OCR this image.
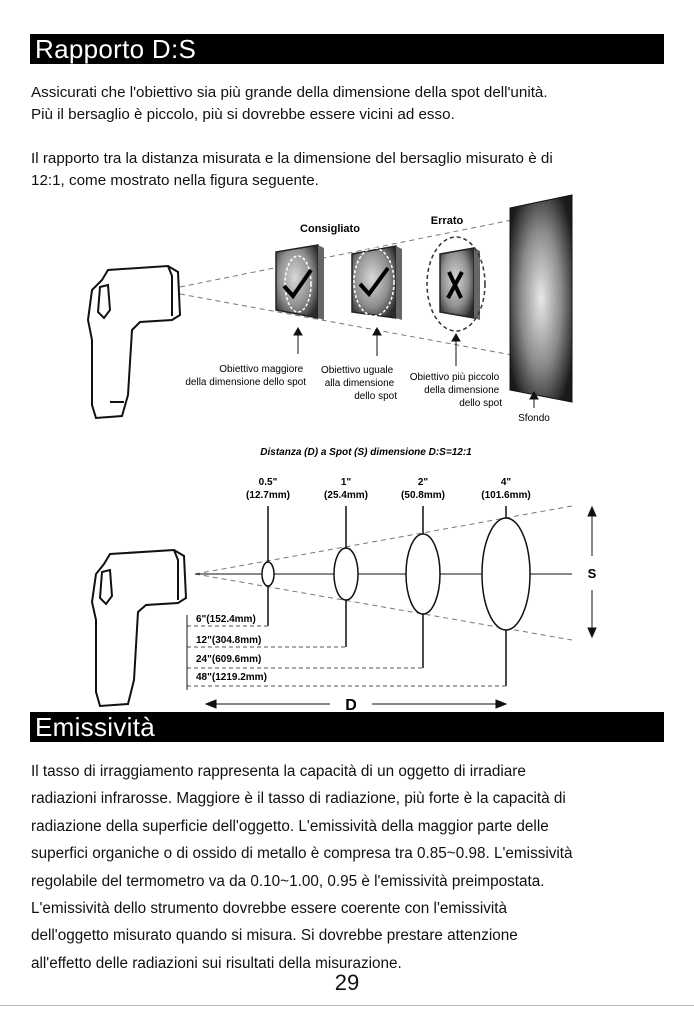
Rapporto D:S
Assicurati che l'obiettivo sia più grande della dimensione della spot dell'unità.
Più il bersaglio è piccolo, più si dovrebbe essere vicini ad esso.
Il rapporto tra la distanza misurata e la dimensione del bersaglio misurato è di
12:1, come mostrato nella figura seguente.
Consigliato
Errato
Obiettivo maggiore della dimensione dello spot
Obiettivo uguale alla dimensione dello spot
Obiettivo più piccolo della dimensione dello spot
Sfondo
Distanza (D) a Spot (S) dimensione D:S=12:1
0.5"
(12.7mm)
1"
(25.4mm)
2"
(50.8mm)
4"
(101.6mm)
6"(152.4mm)
12"(304.8mm)
24"(609.6mm)
48"(1219.2mm)
S
D
Emissività
Il tasso di irraggiamento rappresenta la capacità di un oggetto di irradiare
radiazioni infrarosse. Maggiore è il tasso di radiazione, più forte è la capacità di
radiazione della superficie dell'oggetto. L'emissività della maggior parte delle
superfici organiche o di ossido di metallo è compresa tra 0.85~0.98. L'emissività
regolabile del termometro va da 0.10~1.00, 0.95 è l'emissività preimpostata.
L'emissività dello strumento dovrebbe essere coerente con l'emissività
dell'oggetto misurato quando si misura. Si dovrebbe prestare attenzione
all'effetto delle radiazioni sui risultati della misurazione.
29
